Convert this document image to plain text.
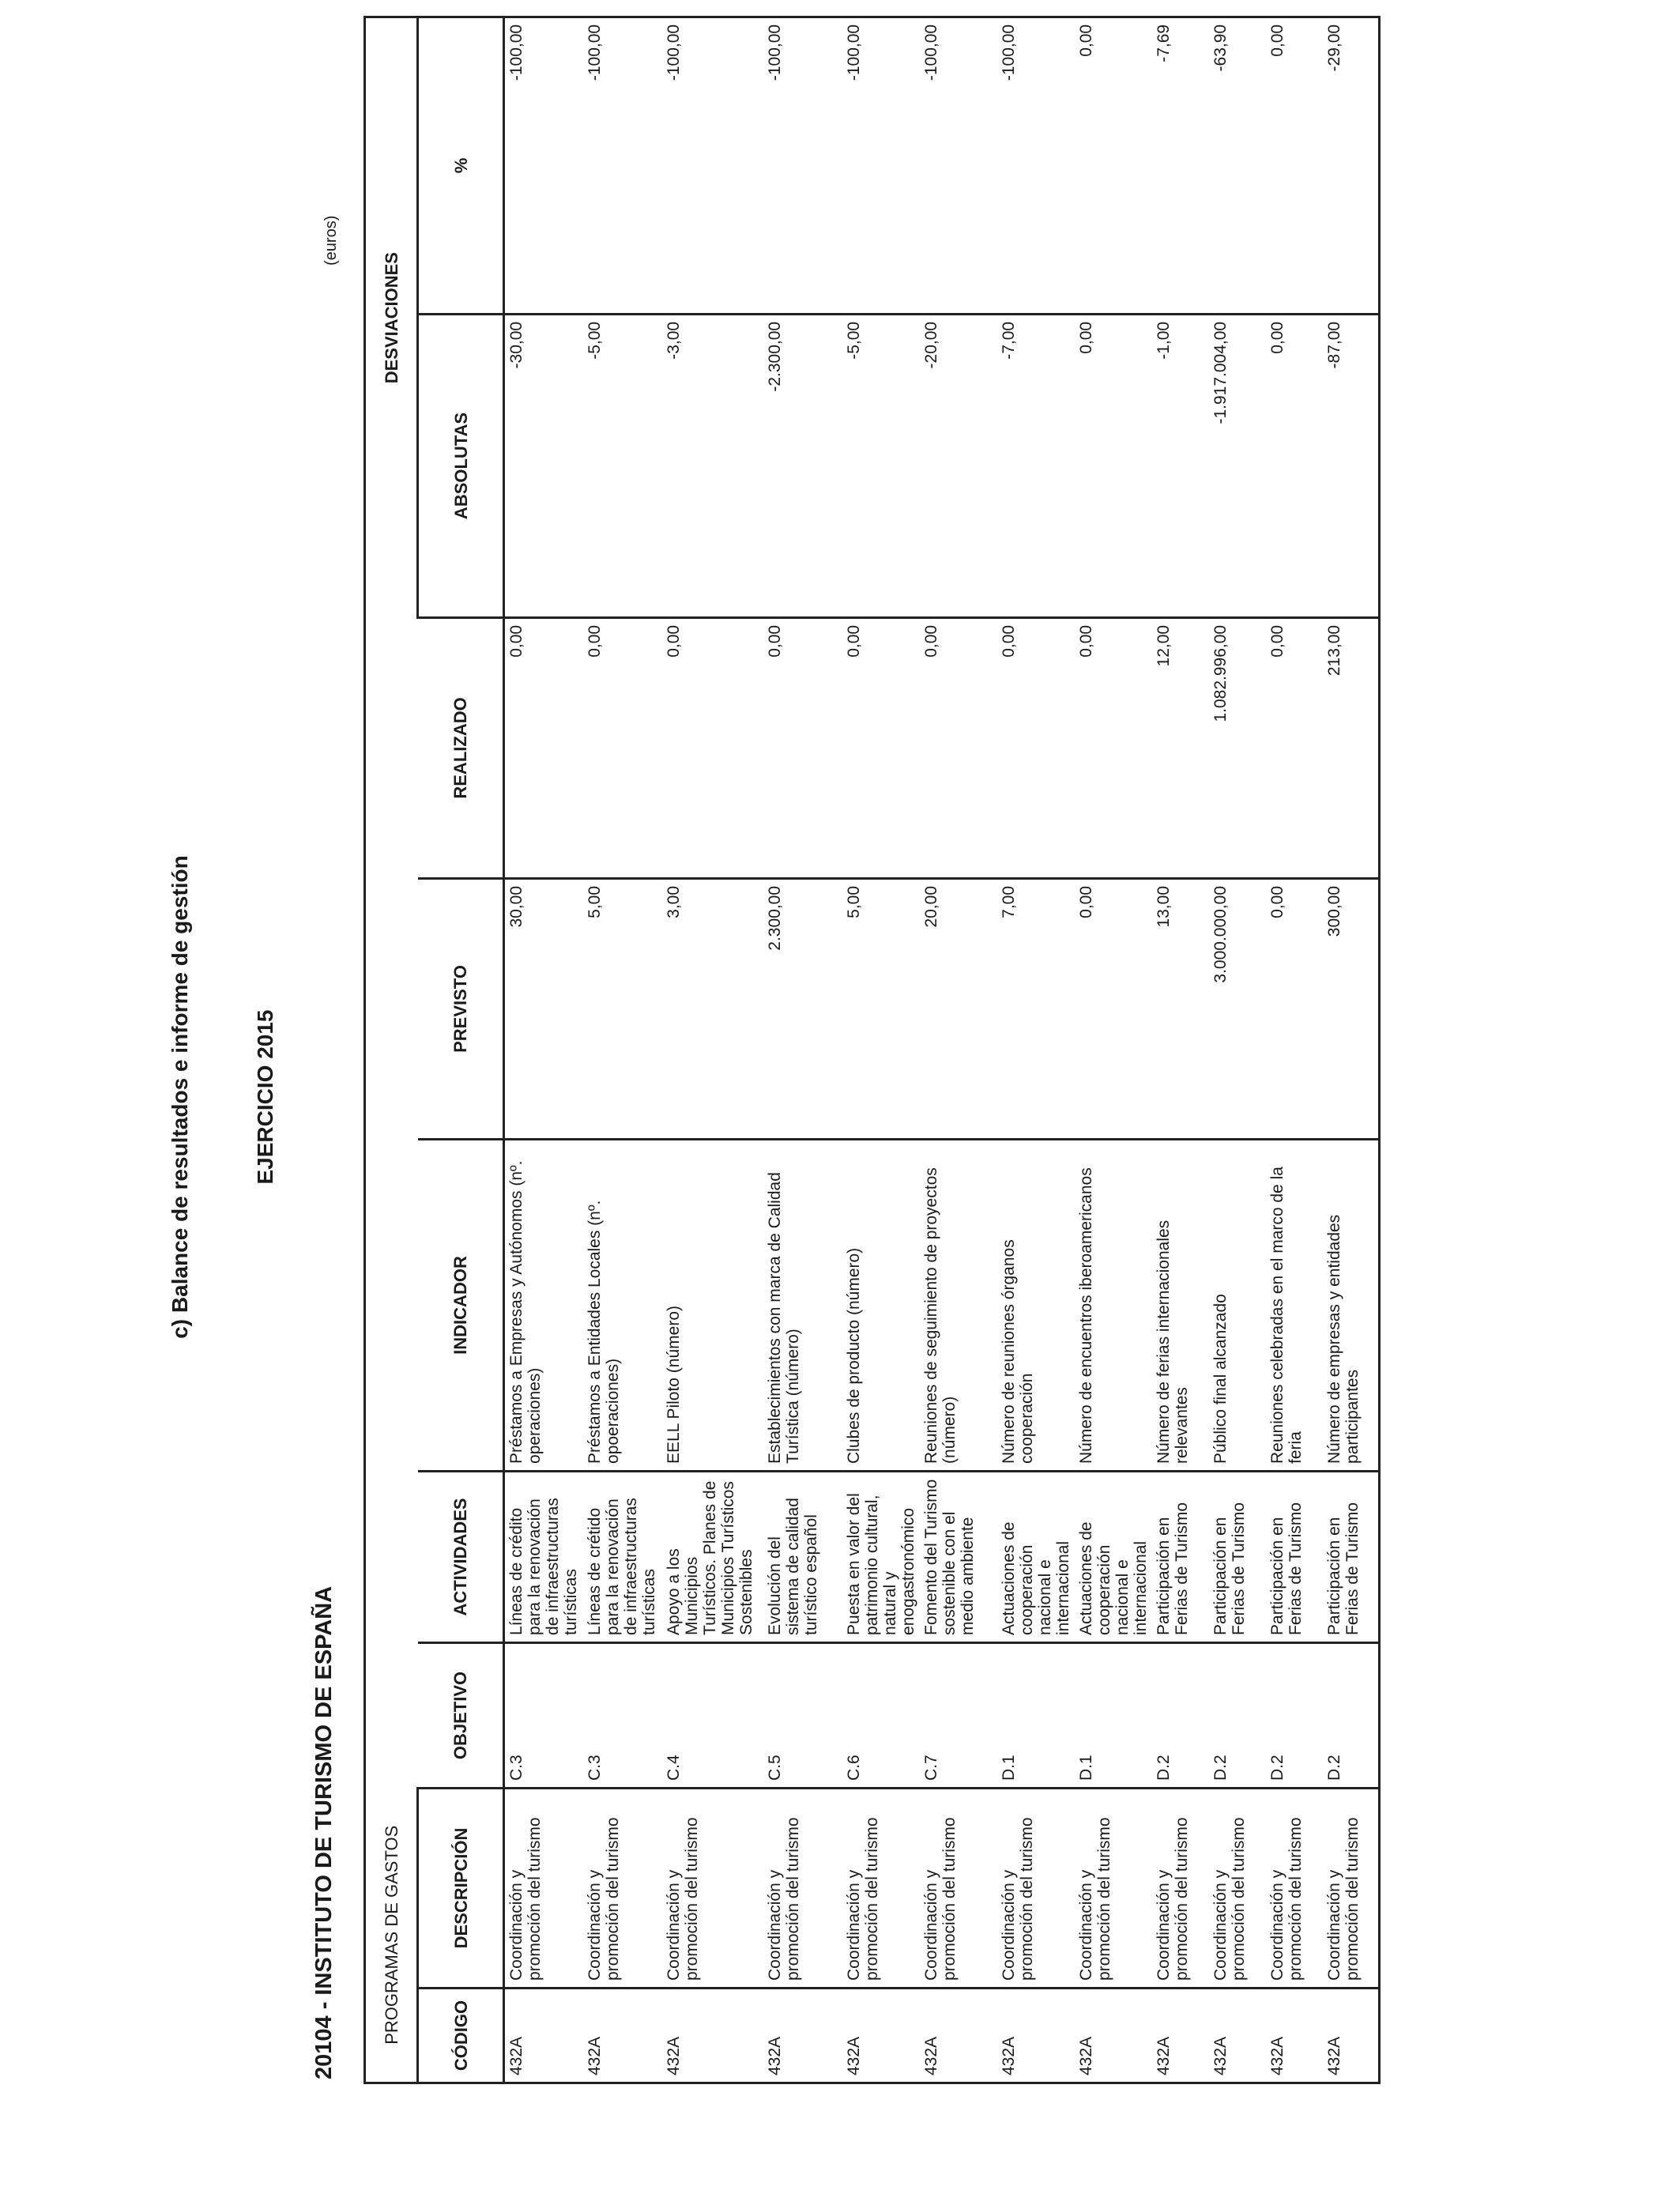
c) Balance de resultados e informe de gestión	EJERCICIO 2015
20104 - INSTITUTO DE TURISMO DE ESPAÑA
(euros)
PROGRAMAS DE GASTOS							DESVIACIONES	
CÓDIGO	DESCRIPCIÓN	OBJETIVO	ACTIVIDADES	INDICADOR	PREVISTO	REALIZADO	ABSOLUTAS	%
432A	Coordinación y promoción del turismo	C.3	Líneas de crédito para la renovación de infraestructuras turísticas	Préstamos a Empresas y Autónomos (nº. operaciones)	30,00	0,00	-30,00	-100,00
432A	Coordinación y promoción del turismo	C.3	Líneas de crétido para la renovación de infraestructuras turísticas	Préstamos a Entidades Locales (nº. opoeraciones)	5,00	0,00	-5,00	-100,00
432A	Coordinación y promoción del turismo	C.4	Apoyo a los Municipios Turísticos. Planes de Municipios Turísticos Sostenibles	EELL Piloto (número)	3,00	0,00	-3,00	-100,00
432A	Coordinación y promoción del turismo	C.5	Evolución del sistema de calidad turístico español	Establecimientos con marca de Calidad Turística (número)	2.300,00	0,00	-2.300,00	-100,00
432A	Coordinación y promoción del turismo	C.6	Puesta en valor del patrimonio cultural, natural y enogastronómico	Clubes de producto (número)	5,00	0,00	-5,00	-100,00
432A	Coordinación y promoción del turismo	C.7	Fomento del Turismo sostenible con el medio ambiente	Reuniones de seguimiento de proyectos (número)	20,00	0,00	-20,00	-100,00
432A	Coordinación y promoción del turismo	D.1	Actuaciones de cooperación nacional e internacional	Número de reuniones órganos cooperación	7,00	0,00	-7,00	-100,00
432A	Coordinación y promoción del turismo	D.1	Actuaciones de cooperación nacional e internacional	Número de encuentros iberoamericanos	0,00	0,00	0,00	0,00
432A	Coordinación y promoción del turismo	D.2	Participación en Ferias de Turismo	Número de ferias internacionales relevantes	13,00	12,00	-1,00	-7,69
432A	Coordinación y promoción del turismo	D.2	Participación en Ferias de Turismo	Público final alcanzado	3.000.000,00	1.082.996,00	-1.917.004,00	-63,90
432A	Coordinación y promoción del turismo	D.2	Participación en Ferias de Turismo	Reuniones celebradas en el marco de la feria	0,00	0,00	0,00	0,00
432A	Coordinación y promoción del turismo	D.2	Participación en Ferias de Turismo	Número de empresas y entidades participantes	300,00	213,00	-87,00	-29,00
